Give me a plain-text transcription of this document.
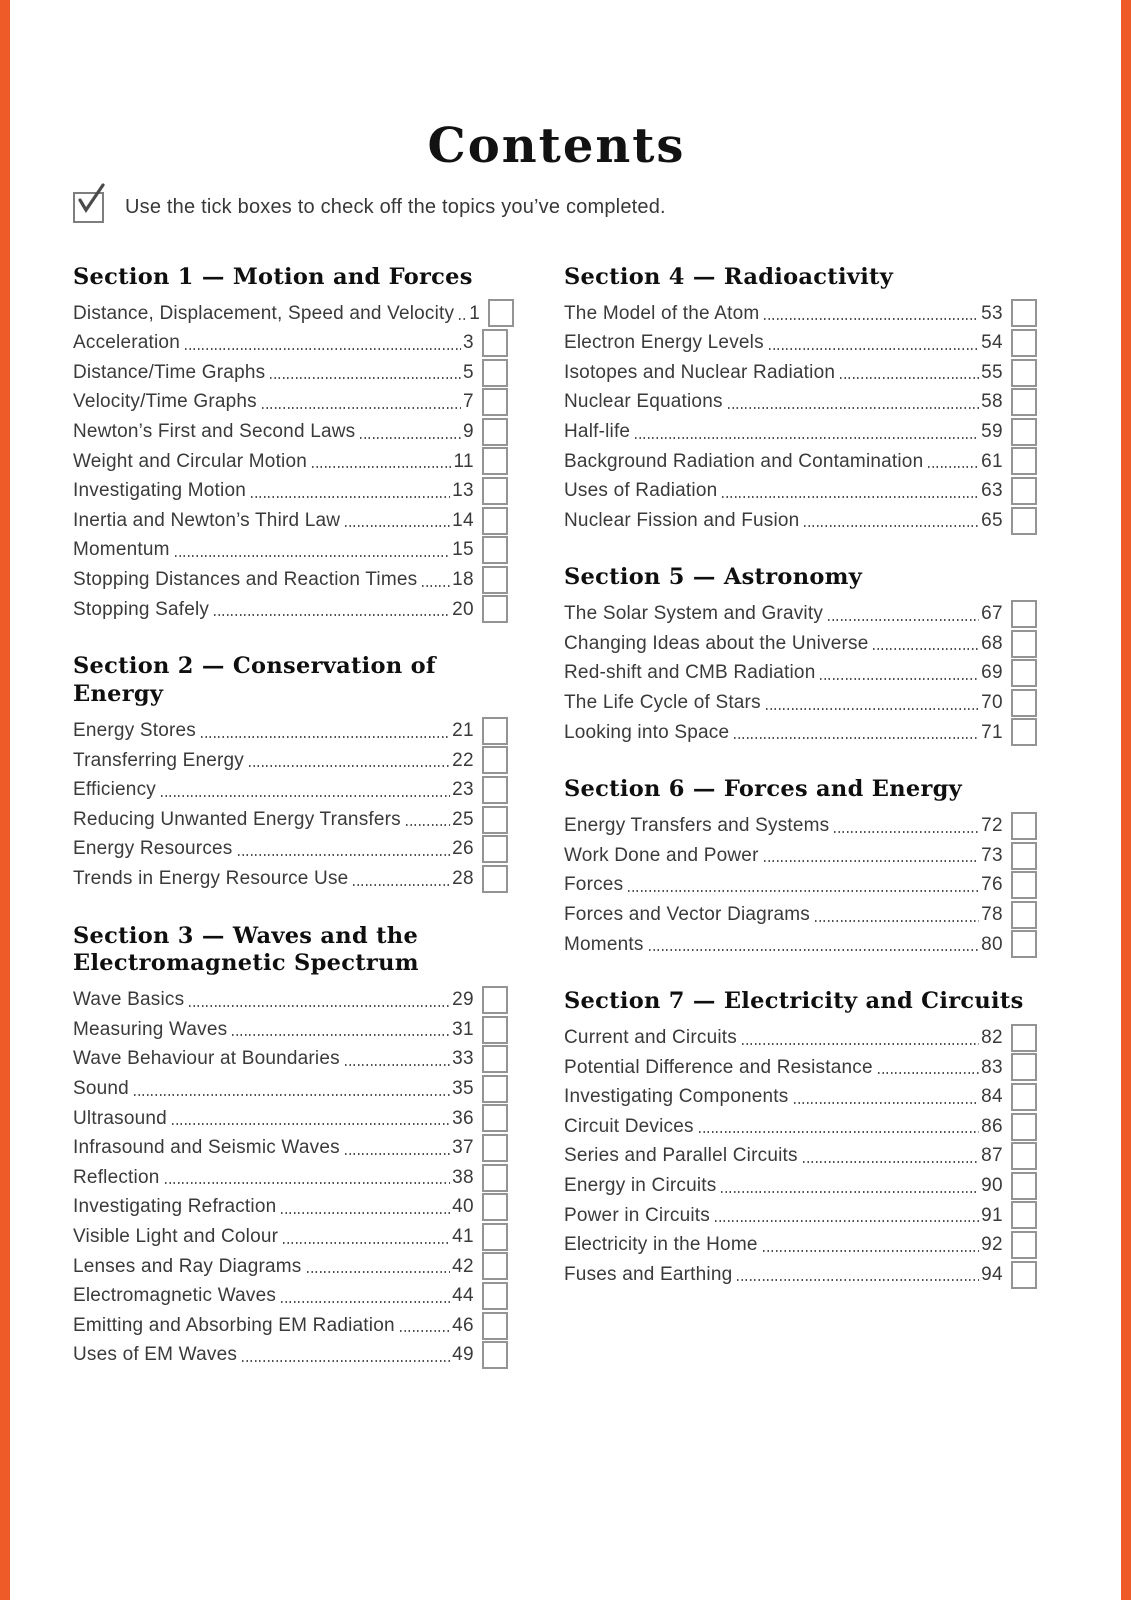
Contents
Use the tick boxes to check off the topics you’ve completed.
Section 1 — Motion and Forces
Distance, Displacement, Speed and Velocity 1
Acceleration	3
Distance/Time Graphs	5
Velocity/Time Graphs	7
Newton’s First and Second Laws	9
Weight and Circular Motion	11
Investigating Motion	13
Inertia and Newton’s Third Law	14
Momentum	15
Stopping Distances and Reaction Times 18
Stopping Safely	20
Section 2 — Conservation of Energy
Energy Stores	21
Transferring Energy	22
Efficiency	23
Reducing Unwanted Energy Transfers	25
Energy Resources	26
Trends in Energy Resource Use	28
Section 3 — Waves and the Electromagnetic Spectrum
Wave Basics	29
Measuring Waves	31
Wave Behaviour at Boundaries	33
Sound	35
Ultrasound	36
Infrasound and Seismic Waves	37
Reflection	38
Investigating Refraction	40
Visible Light and Colour	41
Lenses and Ray Diagrams	42
Electromagnetic Waves	44
Emitting and Absorbing EM Radiation	46
Uses of EM Waves	49
Section 4 — Radioactivity
The Model of the Atom	53
Electron Energy Levels	54
Isotopes and Nuclear Radiation	55
Nuclear Equations	58
Half-life	59
Background Radiation and Contamination	61
Uses of Radiation	63
Nuclear Fission and Fusion	65
Section 5 — Astronomy
The Solar System and Gravity	67
Changing Ideas about the Universe	68
Red-shift and CMB Radiation	69
The Life Cycle of Stars	70
Looking into Space	71
Section 6 — Forces and Energy
Energy Transfers and Systems	72
Work Done and Power	73
Forces	76
Forces and Vector Diagrams	78
Moments	80
Section 7 — Electricity and Circuits
Current and Circuits	82
Potential Difference and Resistance	83
Investigating Components	84
Circuit Devices	86
Series and Parallel Circuits	87
Energy in Circuits	90
Power in Circuits	91
Electricity in the Home	92
Fuses and Earthing	94
